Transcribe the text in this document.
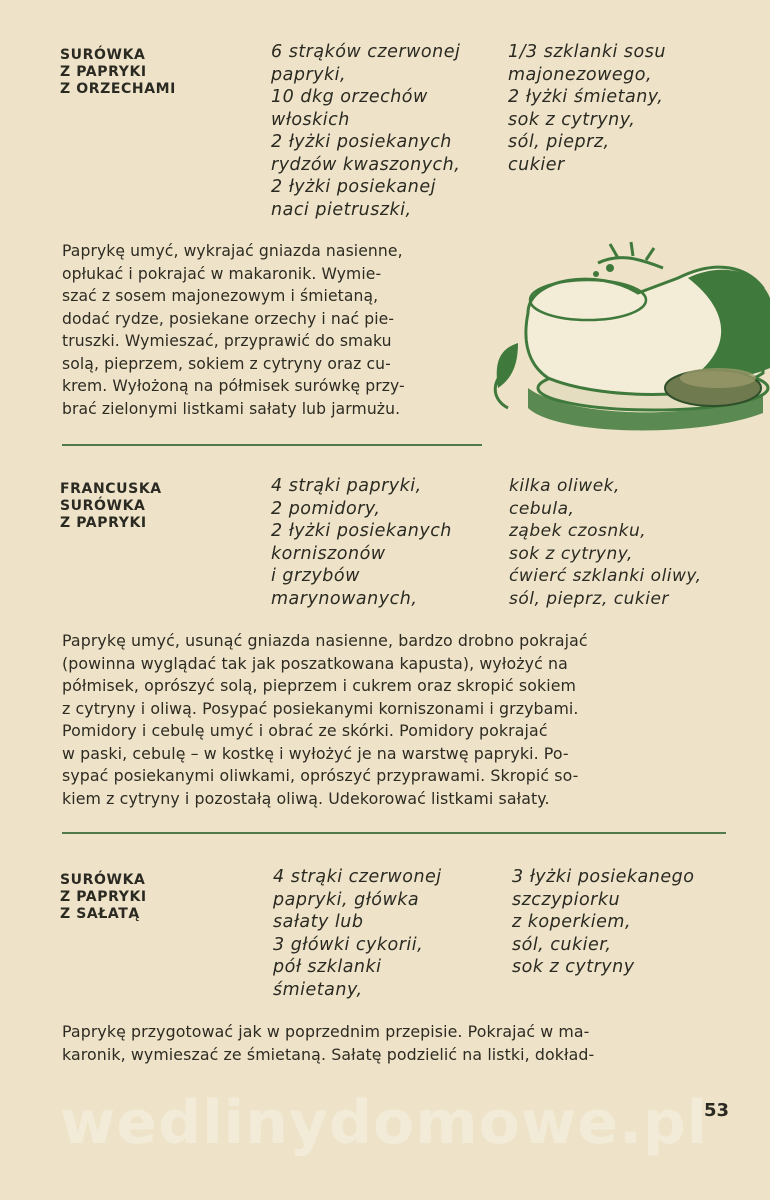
SURÓWKA
Z PAPRYKI
Z ORZECHAMI
6 strąków czerwonej
papryki,
10 dkg orzechów
włoskich
2 łyżki posiekanych
rydzów kwaszonych,
2 łyżki posiekanej
naci pietruszki,
1/3 szklanki sosu
majonezowego,
2 łyżki śmietany,
sok z cytryny,
sól, pieprz,
cukier
Paprykę umyć, wykrajać gniazda nasienne,
opłukać i pokrajać w makaronik. Wymie-
szać z sosem majonezowym i śmietaną,
dodać rydze, posiekane orzechy i nać pie-
truszki. Wymieszać, przyprawić do smaku
solą, pieprzem, sokiem z cytryny oraz cu-
krem. Wyłożoną na półmisek surówkę przy-
brać zielonymi listkami sałaty lub jarmużu.
FRANCUSKA
SURÓWKA
Z PAPRYKI
4 strąki papryki,
2 pomidory,
2 łyżki posiekanych
korniszonów
i grzybów
marynowanych,
kilka oliwek,
cebula,
ząbek czosnku,
sok z cytryny,
ćwierć szklanki oliwy,
sól, pieprz, cukier
Paprykę umyć, usunąć gniazda nasienne, bardzo drobno pokrajać
(powinna wyglądać tak jak poszatkowana kapusta), wyłożyć na
półmisek, oprószyć solą, pieprzem i cukrem oraz skropić sokiem
z cytryny i oliwą. Posypać posiekanymi korniszonami i grzybami.
Pomidory i cebulę umyć i obrać ze skórki. Pomidory pokrajać
w paski, cebulę – w kostkę i wyłożyć je na warstwę papryki. Po-
sypać posiekanymi oliwkami, oprószyć przyprawami. Skropić so-
kiem z cytryny i pozostałą oliwą. Udekorować listkami sałaty.
SURÓWKA
Z PAPRYKI
Z SAŁATĄ
4 strąki czerwonej
papryki, główka
sałaty lub
3 główki cykorii,
pół szklanki
śmietany,
3 łyżki posiekanego
szczypiorku
z koperkiem,
sól, cukier,
sok z cytryny
Paprykę przygotować jak w poprzednim przepisie. Pokrajać w ma-
karonik, wymieszać ze śmietaną. Sałatę podzielić na listki, dokład-
wedlinydomowe.pl
53
